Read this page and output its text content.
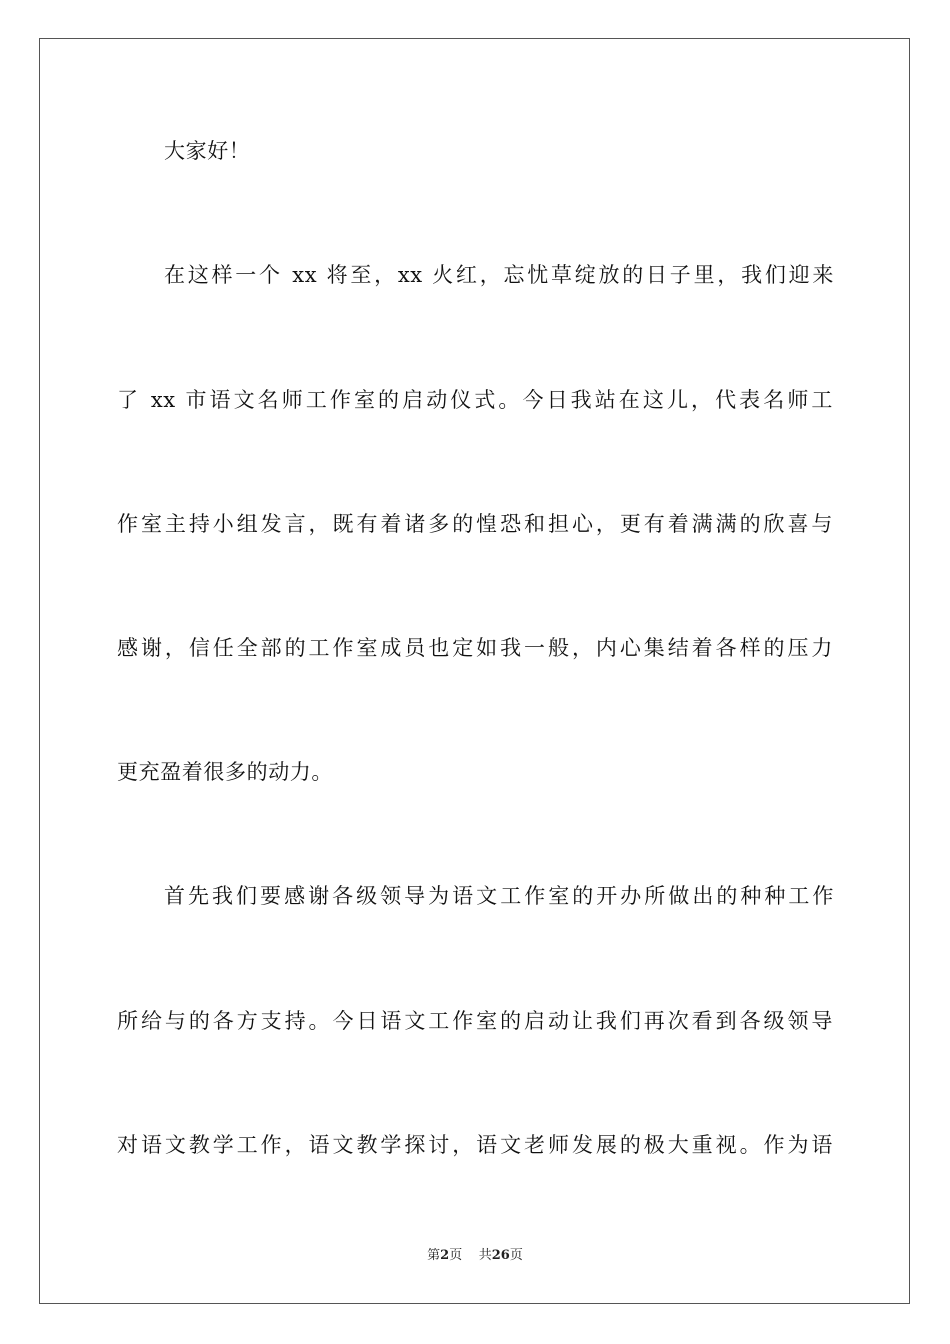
大家好！
在这样一个 xx 将至，xx 火红，忘忧草绽放的日子里，我们迎来
了 xx 市语文名师工作室的启动仪式。今日我站在这儿，代表名师工
作室主持小组发言，既有着诸多的惶恐和担心，更有着满满的欣喜与
感谢，信任全部的工作室成员也定如我一般，内心集结着各样的压力
更充盈着很多的动力。
首先我们要感谢各级领导为语文工作室的开办所做出的种种工作
所给与的各方支持。今日语文工作室的启动让我们再次看到各级领导
对语文教学工作，语文教学探讨，语文老师发展的极大重视。作为语
第2页 共26页
